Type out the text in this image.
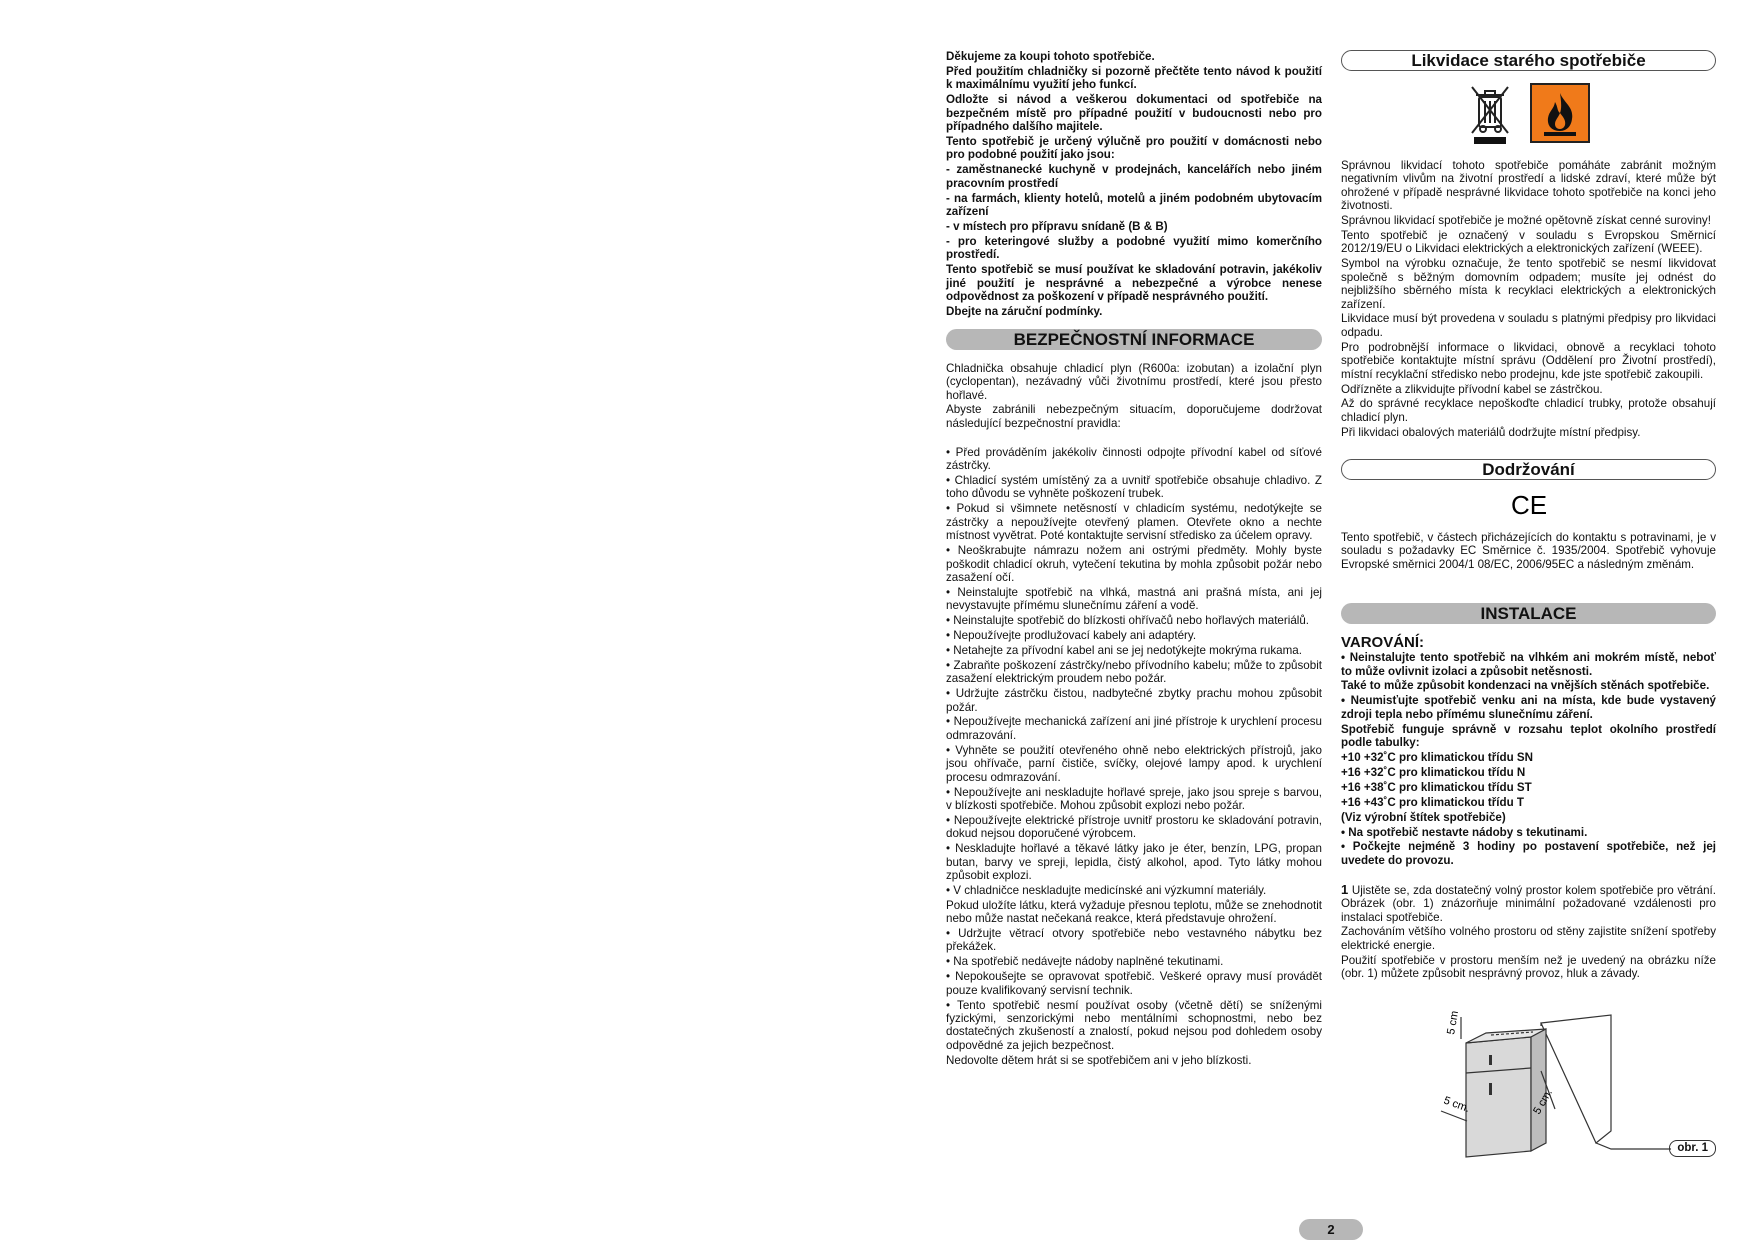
Děkujeme za koupi tohoto spotřebiče.

Před použitím chladničky si pozorně přečtěte tento návod k použití k maximálnímu využití jeho funkcí.

Odložte si návod a veškerou dokumentaci od spotřebiče na bezpečném místě pro případné použití v budoucnosti nebo pro případného dalšího majitele.

Tento spotřebič je určený výlučně pro použití v domácnosti nebo pro podobné použití jako jsou:

- zaměstnanecké kuchyně v prodejnách, kancelářích nebo jiném pracovním prostředí

- na farmách, klienty hotelů, motelů a jiném podobném ubytovacím zařízení

- v místech pro přípravu snídaně (B & B)

- pro keteringové služby a podobné využití mimo komerčního prostředí.

Tento spotřebič se musí používat ke skladování potravin, jakékoliv jiné použití je nesprávné a nebezpečné a výrobce nenese odpovědnost za poškození v případě nesprávného použití.

Dbejte na záruční podmínky.

BEZPEČNOSTNÍ INFORMACE

Chladnička obsahuje chladicí plyn (R600a: izobutan) a izolační plyn (cyclopentan), nezávadný vůči životnímu prostředí, které jsou přesto hořlavé.

Abyste zabránili nebezpečným situacím, doporučujeme dodržovat následující bezpečnostní pravidla:

• Před prováděním jakékoliv činnosti odpojte přívodní kabel od síťové zástrčky.

• Chladicí systém umístěný za a uvnitř spotřebiče obsahuje chladivo. Z toho důvodu se vyhněte poškození trubek.

• Pokud si všimnete netěsností v chladicím systému, nedotýkejte se zástrčky a nepoužívejte otevřený plamen. Otevřete okno a nechte místnost vyvětrat. Poté kontaktujte servisní středisko za účelem opravy.

• Neoškrabujte námrazu nožem ani ostrými předměty. Mohly byste poškodit chladicí okruh, vytečení tekutina by mohla způsobit požár nebo zasažení očí.

• Neinstalujte spotřebič na vlhká, mastná ani prašná místa, ani jej nevystavujte přímému slunečnímu záření a vodě.

• Neinstalujte spotřebič do blízkosti ohřívačů nebo hořlavých materiálů.

• Nepoužívejte prodlužovací kabely ani adaptéry.

• Netahejte za přívodní kabel ani se jej nedotýkejte mokrýma rukama.

• Zabraňte poškození zástrčky/nebo přívodního kabelu; může to způsobit zasažení elektrickým proudem nebo požár.

• Udržujte zástrčku čistou, nadbytečné zbytky prachu mohou způsobit požár.

• Nepoužívejte mechanická zařízení ani jiné přístroje k urychlení procesu odmrazování.

• Vyhněte se použití otevřeného ohně nebo elektrických přístrojů, jako jsou ohřívače, parní čističe, svíčky, olejové lampy apod. k urychlení procesu odmrazování.

• Nepoužívejte ani neskladujte hořlavé spreje, jako jsou spreje s barvou, v blízkosti spotřebiče. Mohou způsobit explozi nebo požár.

• Nepoužívejte elektrické přístroje uvnitř prostoru ke skladování potravin, dokud nejsou doporučené výrobcem.

• Neskladujte hořlavé a těkavé látky jako je éter, benzín, LPG, propan butan, barvy ve spreji, lepidla, čistý alkohol, apod. Tyto látky mohou způsobit explozi.

• V chladničce neskladujte medicínské ani výzkumní materiály.

Pokud uložíte látku, která vyžaduje přesnou teplotu, může se znehodnotit nebo může nastat nečekaná reakce, která představuje ohrožení.

• Udržujte větrací otvory spotřebiče nebo vestavného nábytku bez překážek.

• Na spotřebič nedávejte nádoby naplněné tekutinami.

• Nepokoušejte se opravovat spotřebič. Veškeré opravy musí provádět pouze kvalifikovaný servisní technik.

• Tento spotřebič nesmí používat osoby (včetně dětí) se sníženými fyzickými, senzorickými nebo mentálními schopnostmi, nebo bez dostatečných zkušeností a znalostí, pokud nejsou pod dohledem osoby odpovědné za jejich bezpečnost.

Nedovolte dětem hrát si se spotřebičem ani v jeho blízkosti.

Likvidace starého spotřebiče

Správnou likvidací tohoto spotřebiče pomáháte zabránit možným negativním vlivům na životní prostředí a lidské zdraví, které může být ohrožené v případě nesprávné likvidace tohoto spotřebiče na konci jeho životnosti.

Správnou likvidací spotřebiče je možné opětovně získat cenné suroviny!

Tento spotřebič je označený v souladu s Evropskou Směrnicí 2012/19/EU o Likvidaci elektrických a elektronických zařízení (WEEE).

Symbol na výrobku označuje, že tento spotřebič se nesmí likvidovat společně s běžným domovním odpadem; musíte jej odnést do nejbližšího sběrného místa k recyklaci elektrických a elektronických zařízení.

Likvidace musí být provedena v souladu s platnými předpisy pro likvidaci odpadu.

Pro podrobnější informace o likvidaci, obnově a recyklaci tohoto spotřebiče kontaktujte místní správu (Oddělení pro Životní prostředí), místní recyklační středisko nebo prodejnu, kde jste spotřebič zakoupili.

Odřízněte a zlikvidujte přívodní kabel se zástrčkou.

Až do správné recyklace nepoškoďte chladicí trubky, protože obsahují chladicí plyn.

Při likvidaci obalových materiálů dodržujte místní předpisy.

Dodržování
CE

Tento spotřebič, v částech přicházejících do kontaktu s potravinami, je v souladu s požadavky EC Směrnice č. 1935/2004. Spotřebič vyhovuje Evropské směrnici 2004/1 08/EC, 2006/95EC a následným změnám.

INSTALACE
VAROVÁNÍ:

• Neinstalujte tento spotřebič na vlhkém ani mokrém místě, neboť to může ovlivnit izolaci a způsobit netěsnosti.

Také to může způsobit kondenzaci na vnějších stěnách spotřebiče.

• Neumisťujte spotřebič venku ani na místa, kde bude vystavený zdroji tepla nebo přímému slunečnímu záření.

Spotřebič funguje správně v rozsahu teplot okolního prostředí podle tabulky:

+10 +32˚C pro klimatickou třídu SN

+16 +32˚C pro klimatickou třídu N

+16 +38˚C pro klimatickou třídu ST

+16 +43˚C pro klimatickou třídu T

(Viz výrobní štítek spotřebiče)

• Na spotřebič nestavte nádoby s tekutinami.

• Počkejte nejméně 3 hodiny po postavení spotřebiče, než jej uvedete do provozu.

1 Ujistěte se, zda dostatečný volný prostor kolem spotřebiče pro větrání. Obrázek (obr. 1) znázorňuje minimální požadované vzdálenosti pro instalaci spotřebiče.

Zachováním většího volného prostoru od stěny zajistite snížení spotřeby elektrické energie.

Použití spotřebiče v prostoru menším než je uvedený na obrázku níže (obr. 1) můžete způsobit nesprávný provoz, hluk a závady.

5 cm.
5 cm.
5 cm.
obr. 1
2
